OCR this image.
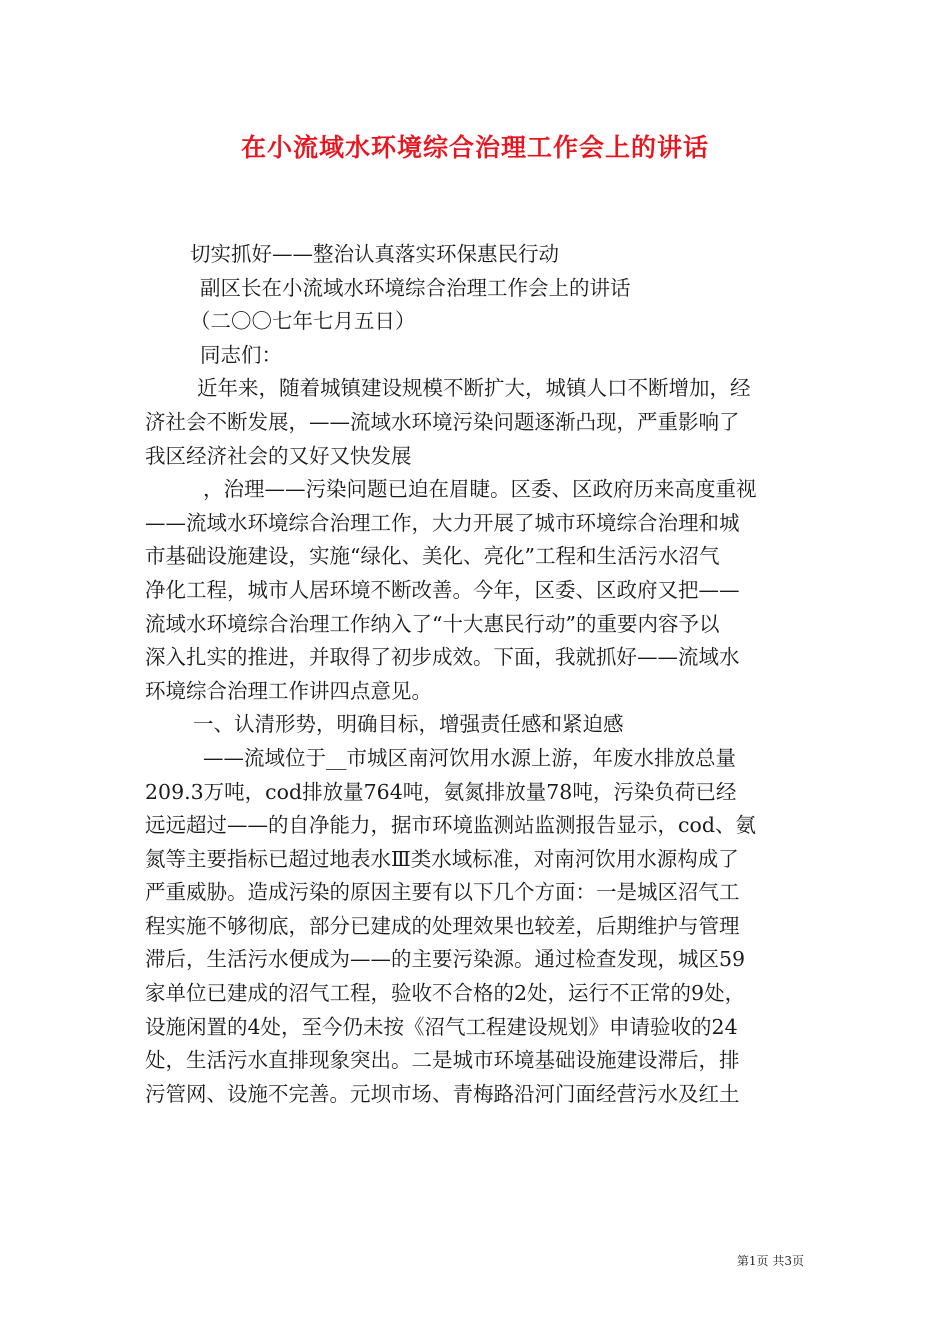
在小流域水环境综合治理工作会上的讲话
切实抓好——整治认真落实环保惠民行动
副区长在小流域水环境综合治理工作会上的讲话
（二〇〇七年七月五日）
同志们：

近年来，随着城镇建设规模不断扩大，城镇人口不断增加，经
济社会不断发展，——流域水环境污染问题逐渐凸现，严重影响了
我区经济社会的又好又快发展

，治理——污染问题已迫在眉睫。区委、区政府历来高度重视
——流域水环境综合治理工作，大力开展了城市环境综合治理和城
市基础设施建设，实施“绿化、美化、亮化”工程和生活污水沼气
净化工程，城市人居环境不断改善。今年，区委、区政府又把——
流域水环境综合治理工作纳入了“十大惠民行动”的重要内容予以
深入扎实的推进，并取得了初步成效。下面，我就抓好——流域水
环境综合治理工作讲四点意见。

一、认清形势，明确目标，增强责任感和紧迫感

——流域位于__市城区南河饮用水源上游，年废水排放总量
209.3万吨，cod排放量764吨，氨氮排放量78吨，污染负荷已经
远远超过——的自净能力，据市环境监测站监测报告显示，cod、氨
氮等主要指标已超过地表水Ⅲ类水域标准，对南河饮用水源构成了
严重威胁。造成污染的原因主要有以下几个方面：一是城区沼气工
程实施不够彻底，部分已建成的处理效果也较差，后期维护与管理
滞后，生活污水便成为——的主要污染源。通过检查发现，城区59
家单位已建成的沼气工程，验收不合格的2处，运行不正常的9处，
设施闲置的4处，至今仍未按《沼气工程建设规划》申请验收的24
处，生活污水直排现象突出。二是城市环境基础设施建设滞后，排
污管网、设施不完善。元坝市场、青梅路沿河门面经营污水及红土

第1页 共3页
